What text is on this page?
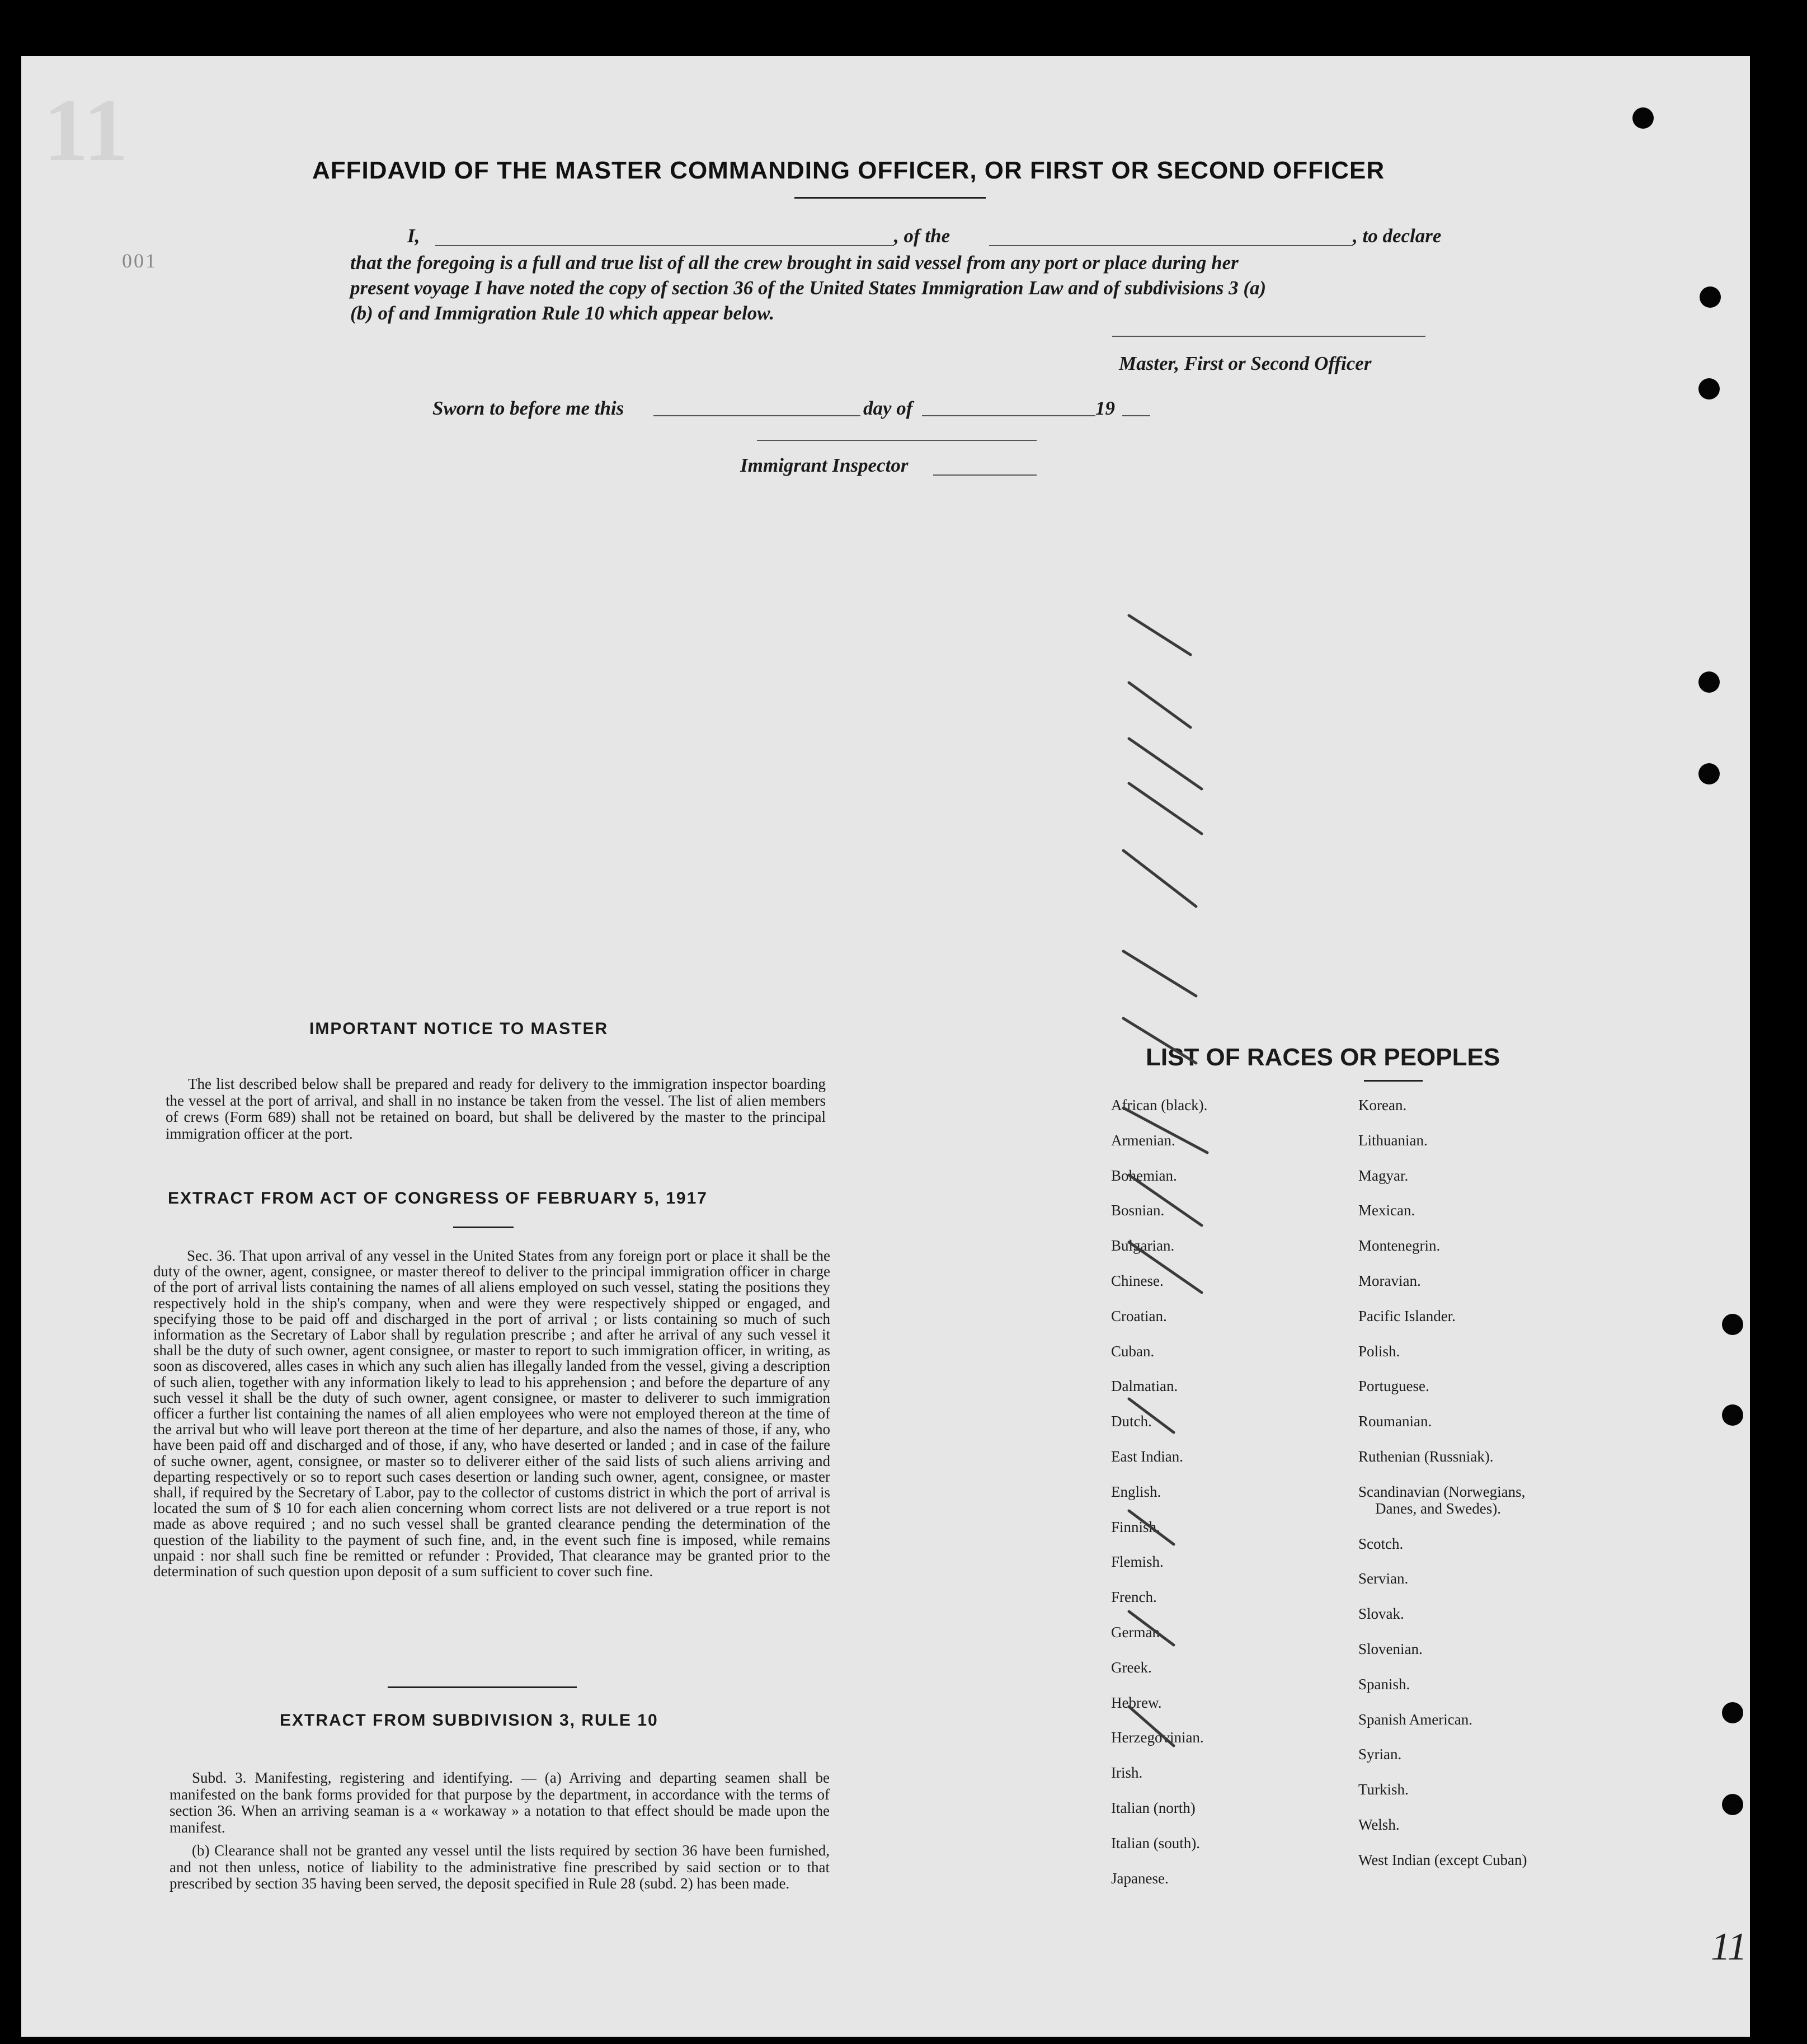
11	AFFIDAVID OF THE MASTER COMMANDING OFFICER, OR FIRST OR SECOND OFFICER
001
I,	, of the	, to declare
that the foregoing is a full and true list of all the crew brought in said vessel from any port or place during her
present voyage I have noted the copy of section 36 of the United States Immigration Law and of subdivisions 3 (a)
(b) of and Immigration Rule 10 which appear below.
Master, First or Second Officer
Sworn to before me this	day of	19
Immigrant Inspector
IMPORTANT NOTICE TO MASTER
The list described below shall be prepared and ready for delivery to the immigration inspector boarding the vessel at the port of arrival, and shall in no instance be taken from the vessel. The list of alien members of crews (Form 689) shall not be retained on board, but shall be delivered by the master to the principal immigration officer at the port.
EXTRACT FROM ACT OF CONGRESS OF FEBRUARY 5, 1917
Sec. 36. That upon arrival of any vessel in the United States from any foreign port or place it shall be the duty of the owner, agent, consignee, or master thereof to deliver to the principal immigration officer in charge of the port of arrival lists containing the names of all aliens employed on such vessel, stating the positions they respectively hold in the ship's company, when and were they were respectively shipped or engaged, and specifying those to be paid off and discharged in the port of arrival ; or lists containing so much of such information as the Secretary of Labor shall by regulation prescribe ; and after he arrival of any such vessel it shall be the duty of such owner, agent consignee, or master to report to such immigration officer, in writing, as soon as discovered, alles cases in which any such alien has illegally landed from the vessel, giving a description of such alien, together with any information likely to lead to his apprehension ; and before the departure of any such vessel it shall be the duty of such owner, agent consignee, or master to deliverer to such immigration officer a further list containing the names of all alien employees who were not employed thereon at the time of the arrival but who will leave port thereon at the time of her departure, and also the names of those, if any, who have been paid off and discharged and of those, if any, who have deserted or landed ; and in case of the failure of suche owner, agent, consignee, or master so to deliverer either of the said lists of such aliens arriving and departing respectively or so to report such cases desertion or landing such owner, agent, consignee, or master shall, if required by the Secretary of Labor, pay to the collector of customs district in which the port of arrival is located the sum of $ 10 for each alien concerning whom correct lists are not delivered or a true report is not made as above required ; and no such vessel shall be granted clearance pending the determination of the question of the liability to the payment of such fine, and, in the event such fine is imposed, while remains unpaid : nor shall such fine be remitted or refunder : Provided, That clearance may be granted prior to the determination of such question upon deposit of a sum sufficient to cover such fine.
EXTRACT FROM SUBDIVISION 3, RULE 10
Subd. 3. Manifesting, registering and identifying. — (a) Arriving and departing seamen shall be manifested on the bank forms provided for that purpose by the department, in accordance with the terms of section 36. When an arriving seaman is a « workaway » a notation to that effect should be made upon the manifest.
(b) Clearance shall not be granted any vessel until the lists required by section 36 have been furnished, and not then unless, notice of liability to the administrative fine prescribed by said section or to that prescribed by section 35 having been served, the deposit specified in Rule 28 (subd. 2) has been made.
LIST OF RACES OR PEOPLES
African (black).
Armenian.
Bohemian.
Bosnian.
Bulgarian.
Chinese.
Croatian.
Cuban.
Dalmatian.
Dutch.
East Indian.
English.
Finnish.
Flemish.
French.
German.
Greek.
Hebrew.
Herzegovinian.
Irish.
Italian (north)
Italian (south).
Japanese.
Korean.
Lithuanian.
Magyar.
Mexican.
Montenegrin.
Moravian.
Pacific Islander.
Polish.
Portuguese.
Roumanian.
Ruthenian (Russniak).
Scandinavian (Norwegians,
Danes, and Swedes).
Scotch.
Servian.
Slovak.
Slovenian.
Spanish.
Spanish American.
Syrian.
Turkish.
Welsh.
West Indian (except Cuban)
11
